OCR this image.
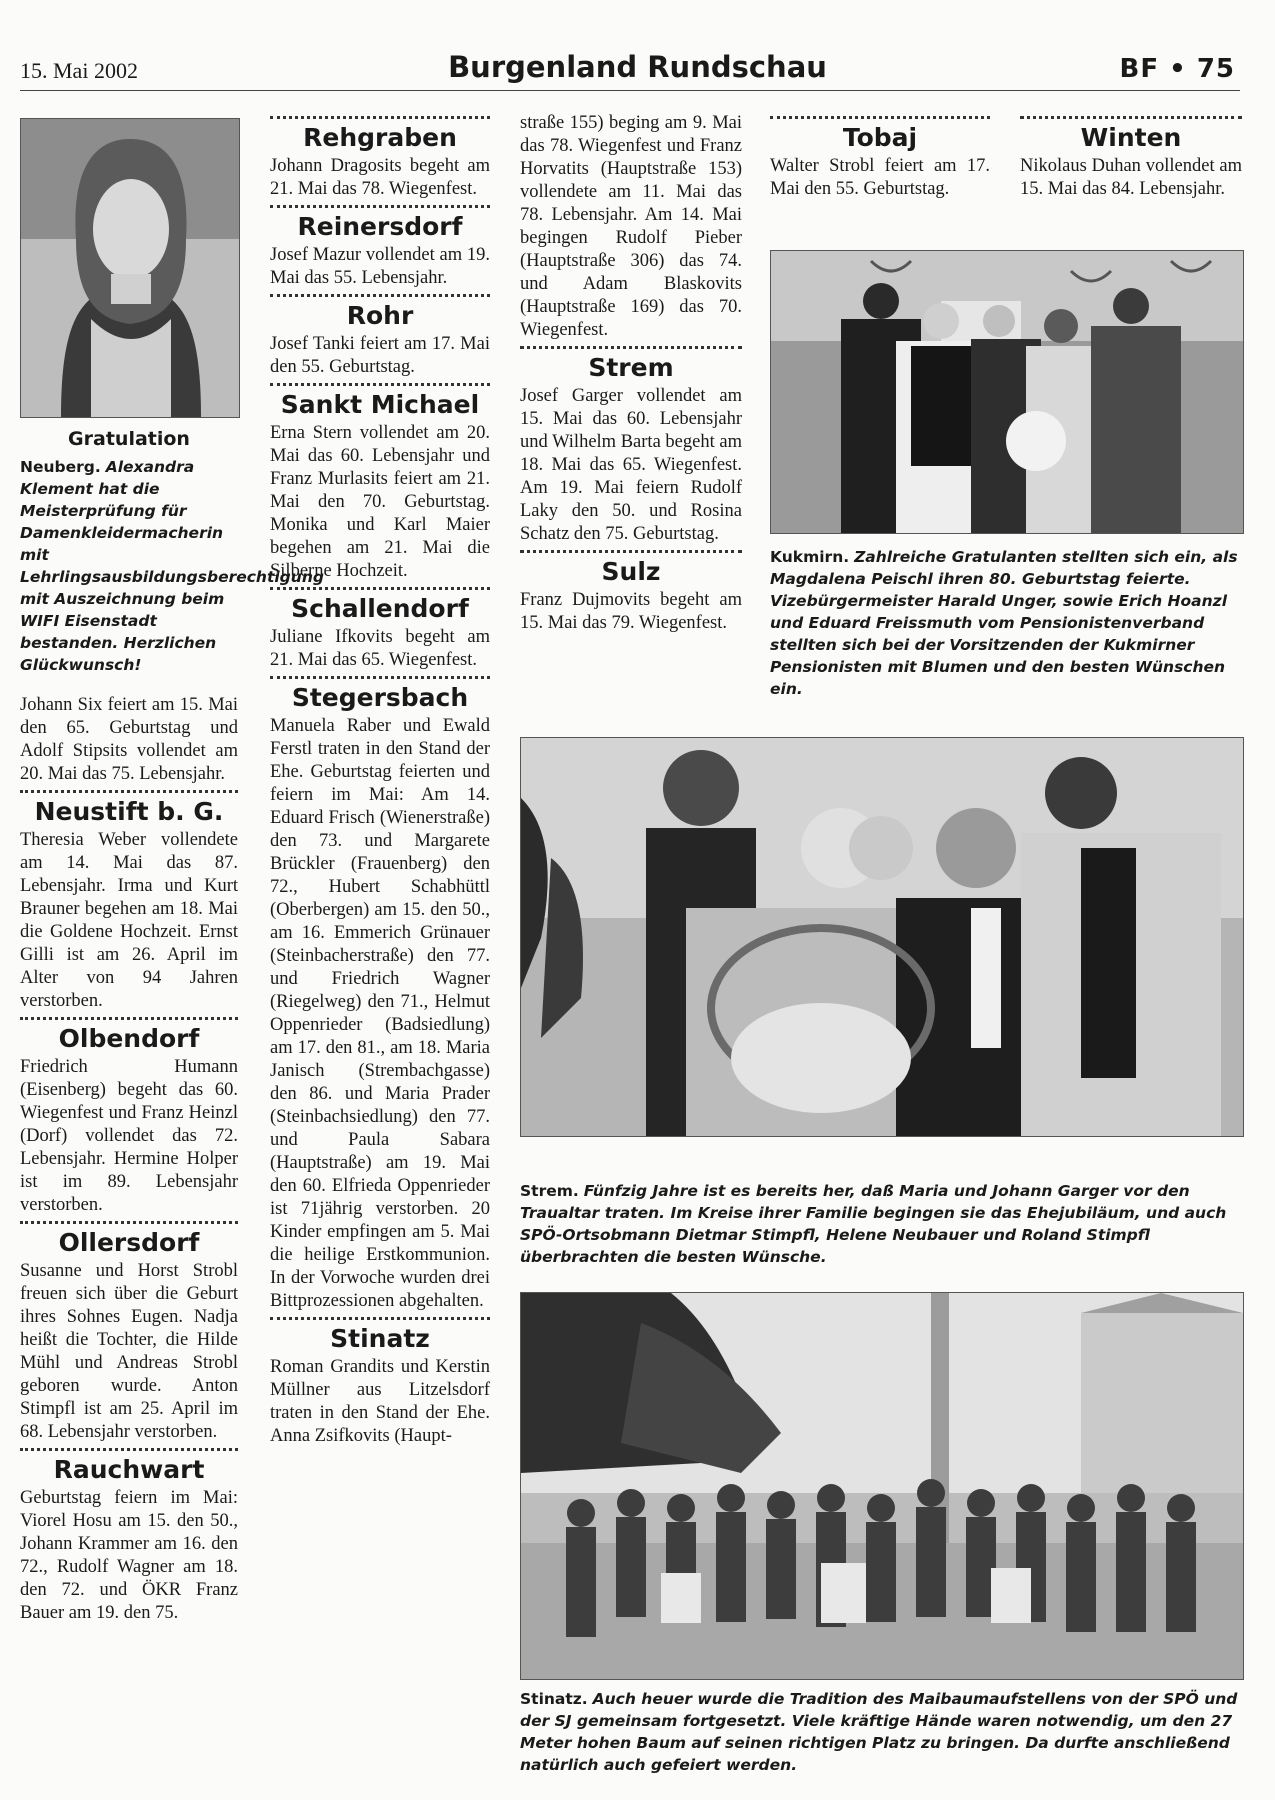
15. Mai 2002	Burgenland Rundschau	BF • 75
Gratulation

Neuberg. Alexandra Klement hat die Meisterprüfung für Damenkleidermacherin mit Lehrlingsausbildungsberechtigung mit Auszeichnung beim WIFI Eisenstadt bestanden. Herzlichen Glückwunsch!

Johann Six feiert am 15. Mai den 65. Geburtstag und Adolf Stipsits vollendet am 20. Mai das 75. Lebensjahr.

Neustift b. G.

Theresia Weber vollendete am 14. Mai das 87. Lebensjahr. Irma und Kurt Brauner begehen am 18. Mai die Goldene Hochzeit. Ernst Gilli ist am 26. April im Alter von 94 Jahren verstorben.

Olbendorf

Friedrich Humann (Eisenberg) begeht das 60. Wiegenfest und Franz Heinzl (Dorf) vollendet das 72. Lebensjahr. Hermine Holper ist im 89. Lebensjahr verstorben.

Ollersdorf

Susanne und Horst Strobl freuen sich über die Geburt ihres Sohnes Eugen. Nadja heißt die Tochter, die Hilde Mühl und Andreas Strobl geboren wurde. Anton Stimpfl ist am 25. April im 68. Lebensjahr verstorben.

Rauchwart

Geburtstag feiern im Mai: Viorel Hosu am 15. den 50., Johann Krammer am 16. den 72., Rudolf Wagner am 18. den 72. und ÖKR Franz Bauer am 19. den 75.

Rehgraben

Johann Dragosits begeht am 21. Mai das 78. Wiegenfest.

Reinersdorf

Josef Mazur vollendet am 19. Mai das 55. Lebensjahr.

Rohr

Josef Tanki feiert am 17. Mai den 55. Geburtstag.

Sankt Michael

Erna Stern vollendet am 20. Mai das 60. Lebensjahr und Franz Murlasits feiert am 21. Mai den 70. Geburtstag. Monika und Karl Maier begehen am 21. Mai die Silberne Hochzeit.

Schallendorf

Juliane Ifkovits begeht am 21. Mai das 65. Wiegenfest.

Stegersbach

Manuela Raber und Ewald Ferstl traten in den Stand der Ehe. Geburtstag feierten und feiern im Mai: Am 14. Eduard Frisch (Wienerstraße) den 73. und Margarete Brückler (Frauenberg) den 72., Hubert Schabhüttl (Oberbergen) am 15. den 50., am 16. Emmerich Grünauer (Steinbacherstraße) den 77. und Friedrich Wagner (Riegelweg) den 71., Helmut Oppenrieder (Badsiedlung) am 17. den 81., am 18. Maria Janisch (Strembachgasse) den 86. und Maria Prader (Steinbachsiedlung) den 77. und Paula Sabara (Hauptstraße) am 19. Mai den 60. Elfrieda Oppenrieder ist 71jährig verstorben. 20 Kinder empfingen am 5. Mai die heilige Erstkommunion. In der Vorwoche wurden drei Bittprozessionen abgehalten.

Stinatz

Roman Grandits und Kerstin Müllner aus Litzelsdorf traten in den Stand der Ehe. Anna Zsifkovits (Haupt-

straße 155) beging am 9. Mai das 78. Wiegenfest und Franz Horvatits (Hauptstraße 153) vollendete am 11. Mai das 78. Lebensjahr. Am 14. Mai begingen Rudolf Pieber (Hauptstraße 306) das 74. und Adam Blaskovits (Hauptstraße 169) das 70. Wiegenfest.

Strem

Josef Garger vollendet am 15. Mai das 60. Lebensjahr und Wilhelm Barta begeht am 18. Mai das 65. Wiegenfest. Am 19. Mai feiern Rudolf Laky den 50. und Rosina Schatz den 75. Geburtstag.

Sulz

Franz Dujmovits begeht am 15. Mai das 79. Wiegenfest.

Tobaj

Walter Strobl feiert am 17. Mai den 55. Geburtstag.

Winten

Nikolaus Duhan vollendet am 15. Mai das 84. Lebensjahr.

Kukmirn. Zahlreiche Gratulanten stellten sich ein, als Magdalena Peischl ihren 80. Geburtstag feierte. Vizebürgermeister Harald Unger, sowie Erich Hoanzl und Eduard Freissmuth vom Pensionistenverband stellten sich bei der Vorsitzenden der Kukmirner Pensionisten mit Blumen und den besten Wünschen ein.

Strem. Fünfzig Jahre ist es bereits her, daß Maria und Johann Garger vor den Traualtar traten. Im Kreise ihrer Familie begingen sie das Ehejubiläum, und auch SPÖ-Ortsobmann Dietmar Stimpfl, Helene Neubauer und Roland Stimpfl überbrachten die besten Wünsche.

Stinatz. Auch heuer wurde die Tradition des Maibaumaufstellens von der SPÖ und der SJ gemeinsam fortgesetzt. Viele kräftige Hände waren notwendig, um den 27 Meter hohen Baum auf seinen richtigen Platz zu bringen. Da durfte anschließend natürlich auch gefeiert werden.
